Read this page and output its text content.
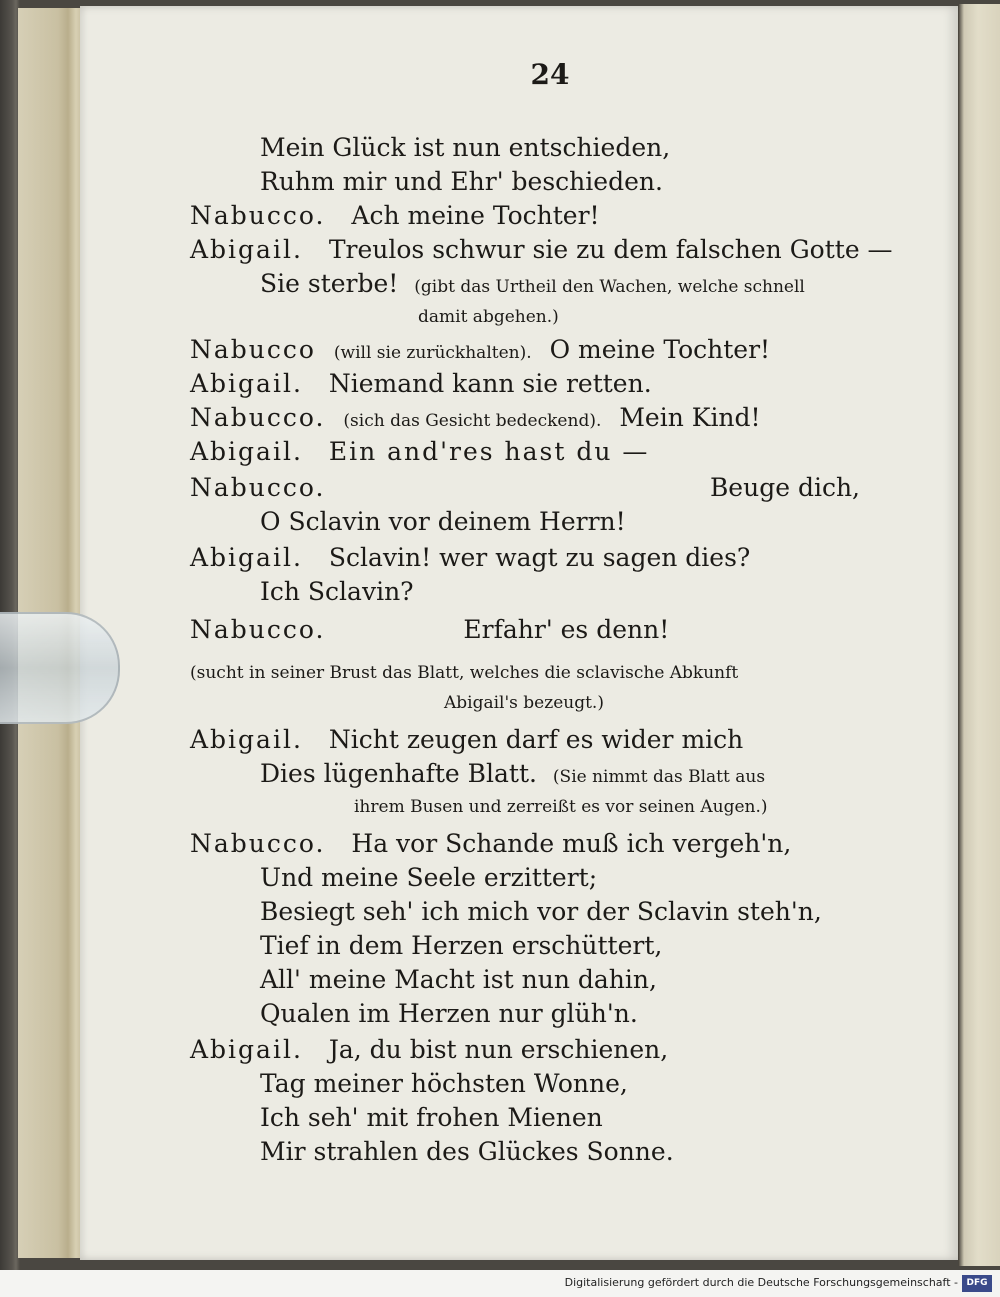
24
Mein Glück ist nun entschieden,
Ruhm mir und Ehr' beschieden.
Nabucco. Ach meine Tochter!
Abigail. Treulos schwur sie zu dem falschen Gotte —
Sie sterbe! (gibt das Urtheil den Wachen, welche schnell
damit abgehen.)
Nabucco (will sie zurückhalten). O meine Tochter!
Abigail. Niemand kann sie retten.
Nabucco. (sich das Gesicht bedeckend). Mein Kind!
Abigail. Ein and'res hast du —
Nabucco.	Beuge dich,
O Sclavin vor deinem Herrn!
Abigail. Sclavin! wer wagt zu sagen dies?
Ich Sclavin?
Nabucco.	Erfahr' es denn!
(sucht in seiner Brust das Blatt, welches die sclavische Abkunft
Abigail's bezeugt.)
Abigail. Nicht zeugen darf es wider mich
Dies lügenhafte Blatt. (Sie nimmt das Blatt aus
ihrem Busen und zerreißt es vor seinen Augen.)
Nabucco. Ha vor Schande muß ich vergeh'n,
Und meine Seele erzittert;
Besiegt seh' ich mich vor der Sclavin steh'n,
Tief in dem Herzen erschüttert,
All' meine Macht ist nun dahin,
Qualen im Herzen nur glüh'n.
Abigail. Ja, du bist nun erschienen,
Tag meiner höchsten Wonne,
Ich seh' mit frohen Mienen
Mir strahlen des Glückes Sonne.
Digitalisierung gefördert durch die Deutsche Forschungsgemeinschaft - DFG
